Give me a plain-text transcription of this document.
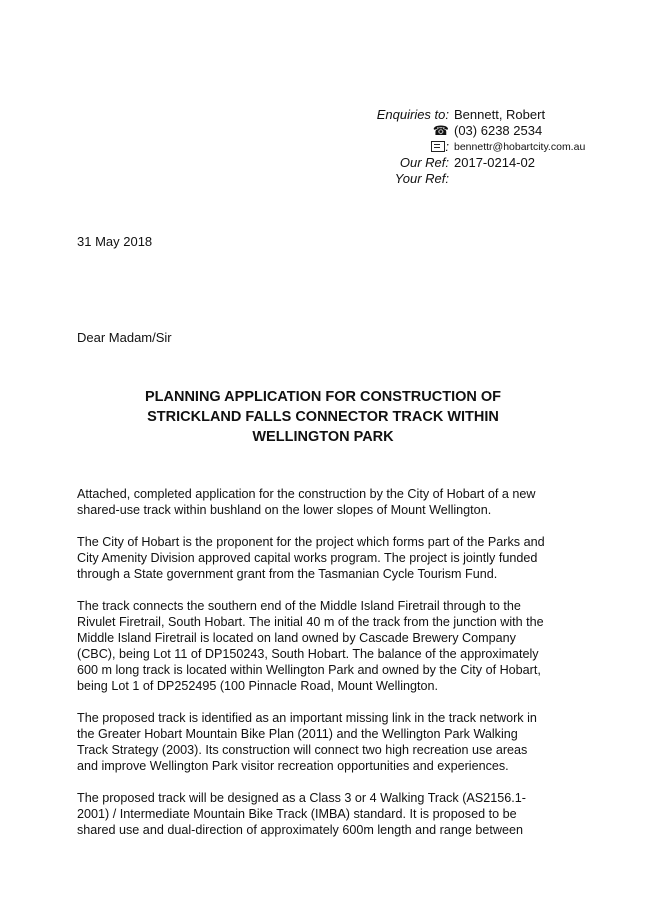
Enquiries to: Bennett, Robert
☎ (03) 6238 2534
: bennettr@hobartcity.com.au
Our Ref: 2017-0214-02
Your Ref:
31 May 2018
Dear Madam/Sir
PLANNING APPLICATION FOR CONSTRUCTION OF
STRICKLAND FALLS CONNECTOR TRACK WITHIN
WELLINGTON PARK

Attached, completed application for the construction by the City of Hobart of a new
shared-use track within bushland on the lower slopes of Mount Wellington.

The City of Hobart is the proponent for the project which forms part of the Parks and
City Amenity Division approved capital works program. The project is jointly funded
through a State government grant from the Tasmanian Cycle Tourism Fund.

The track connects the southern end of the Middle Island Firetrail through to the
Rivulet Firetrail, South Hobart. The initial 40 m of the track from the junction with the
Middle Island Firetrail is located on land owned by Cascade Brewery Company
(CBC), being Lot 11 of DP150243, South Hobart. The balance of the approximately
600 m long track is located within Wellington Park and owned by the City of Hobart,
being Lot 1 of DP252495 (100 Pinnacle Road, Mount Wellington.

The proposed track is identified as an important missing link in the track network in
the Greater Hobart Mountain Bike Plan (2011) and the Wellington Park Walking
Track Strategy (2003). Its construction will connect two high recreation use areas
and improve Wellington Park visitor recreation opportunities and experiences.

The proposed track will be designed as a Class 3 or 4 Walking Track (AS2156.1-
2001) / Intermediate Mountain Bike Track (IMBA) standard. It is proposed to be
shared use and dual-direction of approximately 600m length and range between
